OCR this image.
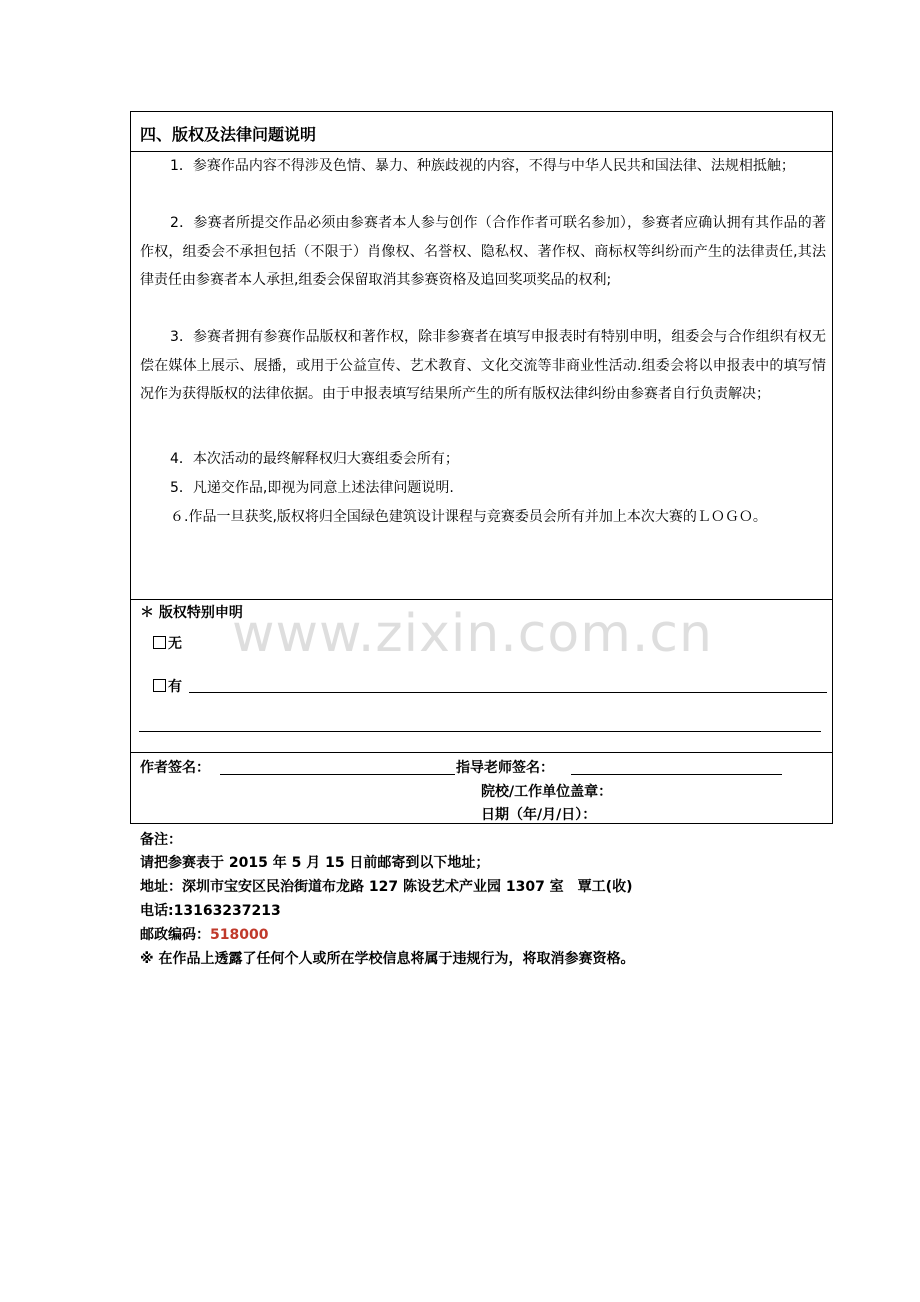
四、版权及法律问题说明
1．参赛作品内容不得涉及色情、暴力、种族歧视的内容，不得与中华人民共和国法律、法规相抵触；
2．参赛者所提交作品必须由参赛者本人参与创作（合作作者可联名参加），参赛者应确认拥有其作品的著作权，组委会不承担包括（不限于）肖像权、名誉权、隐私权、著作权、商标权等纠纷而产生的法律责任,其法律责任由参赛者本人承担,组委会保留取消其参赛资格及追回奖项奖品的权利;
3．参赛者拥有参赛作品版权和著作权，除非参赛者在填写申报表时有特别申明，组委会与合作组织有权无偿在媒体上展示、展播，或用于公益宣传、艺术教育、文化交流等非商业性活动.组委会将以申报表中的填写情况作为获得版权的法律依据。由于申报表填写结果所产生的所有版权法律纠纷由参赛者自行负责解决；
4．本次活动的最终解释权归大赛组委会所有；
5．凡递交作品,即视为同意上述法律问题说明.
６.作品一旦获奖,版权将归全国绿色建筑设计课程与竞赛委员会所有并加上本次大赛的ＬＯＧＯ。
＊ 版权特别申明
无
有
作者签名：	指导老师签名：
院校/工作单位盖章：
日期（年/月/日）：
www.zixin.com.cn
备注：
请把参赛表于 2015 年 5 月 15 日前邮寄到以下地址；
地址：深圳市宝安区民治街道布龙路 127 陈设艺术产业园 1307 室　覃工(收)
电话:13163237213
邮政编码：518000
※ 在作品上透露了任何个人或所在学校信息将属于违规行为，将取消参赛资格。
